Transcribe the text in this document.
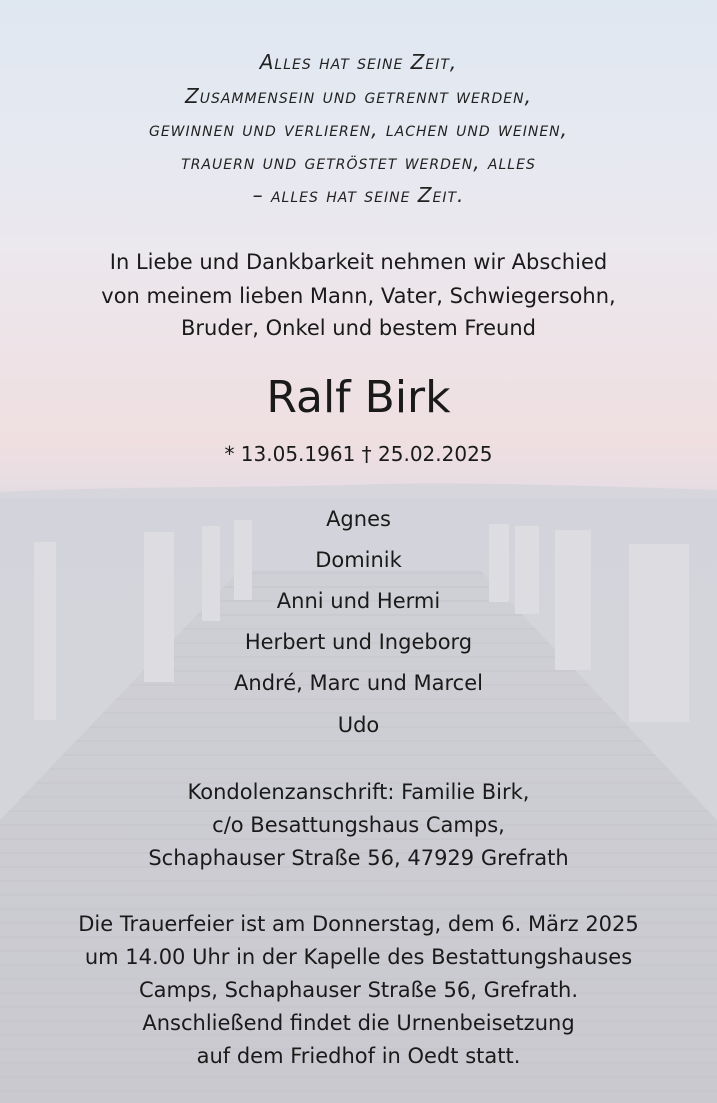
Alles hat seine Zeit,
Zusammensein und getrennt werden,
gewinnen und verlieren, lachen und weinen,
trauern und getröstet werden, alles
– alles hat seine Zeit.
In Liebe und Dankbarkeit nehmen wir Abschied
von meinem lieben Mann, Vater, Schwiegersohn,
Bruder, Onkel und bestem Freund
Ralf Birk
* 13.05.1961 † 25.02.2025
Agnes
Dominik
Anni und Hermi
Herbert und Ingeborg
André, Marc und Marcel
Udo
Kondolenzanschrift: Familie Birk,
c/o Besattungshaus Camps,
Schaphauser Straße 56, 47929 Grefrath
Die Trauerfeier ist am Donnerstag, dem 6. März 2025
um 14.00 Uhr in der Kapelle des Bestattungshauses
Camps, Schaphauser Straße 56, Grefrath.
Anschließend findet die Urnenbeisetzung
auf dem Friedhof in Oedt statt.
